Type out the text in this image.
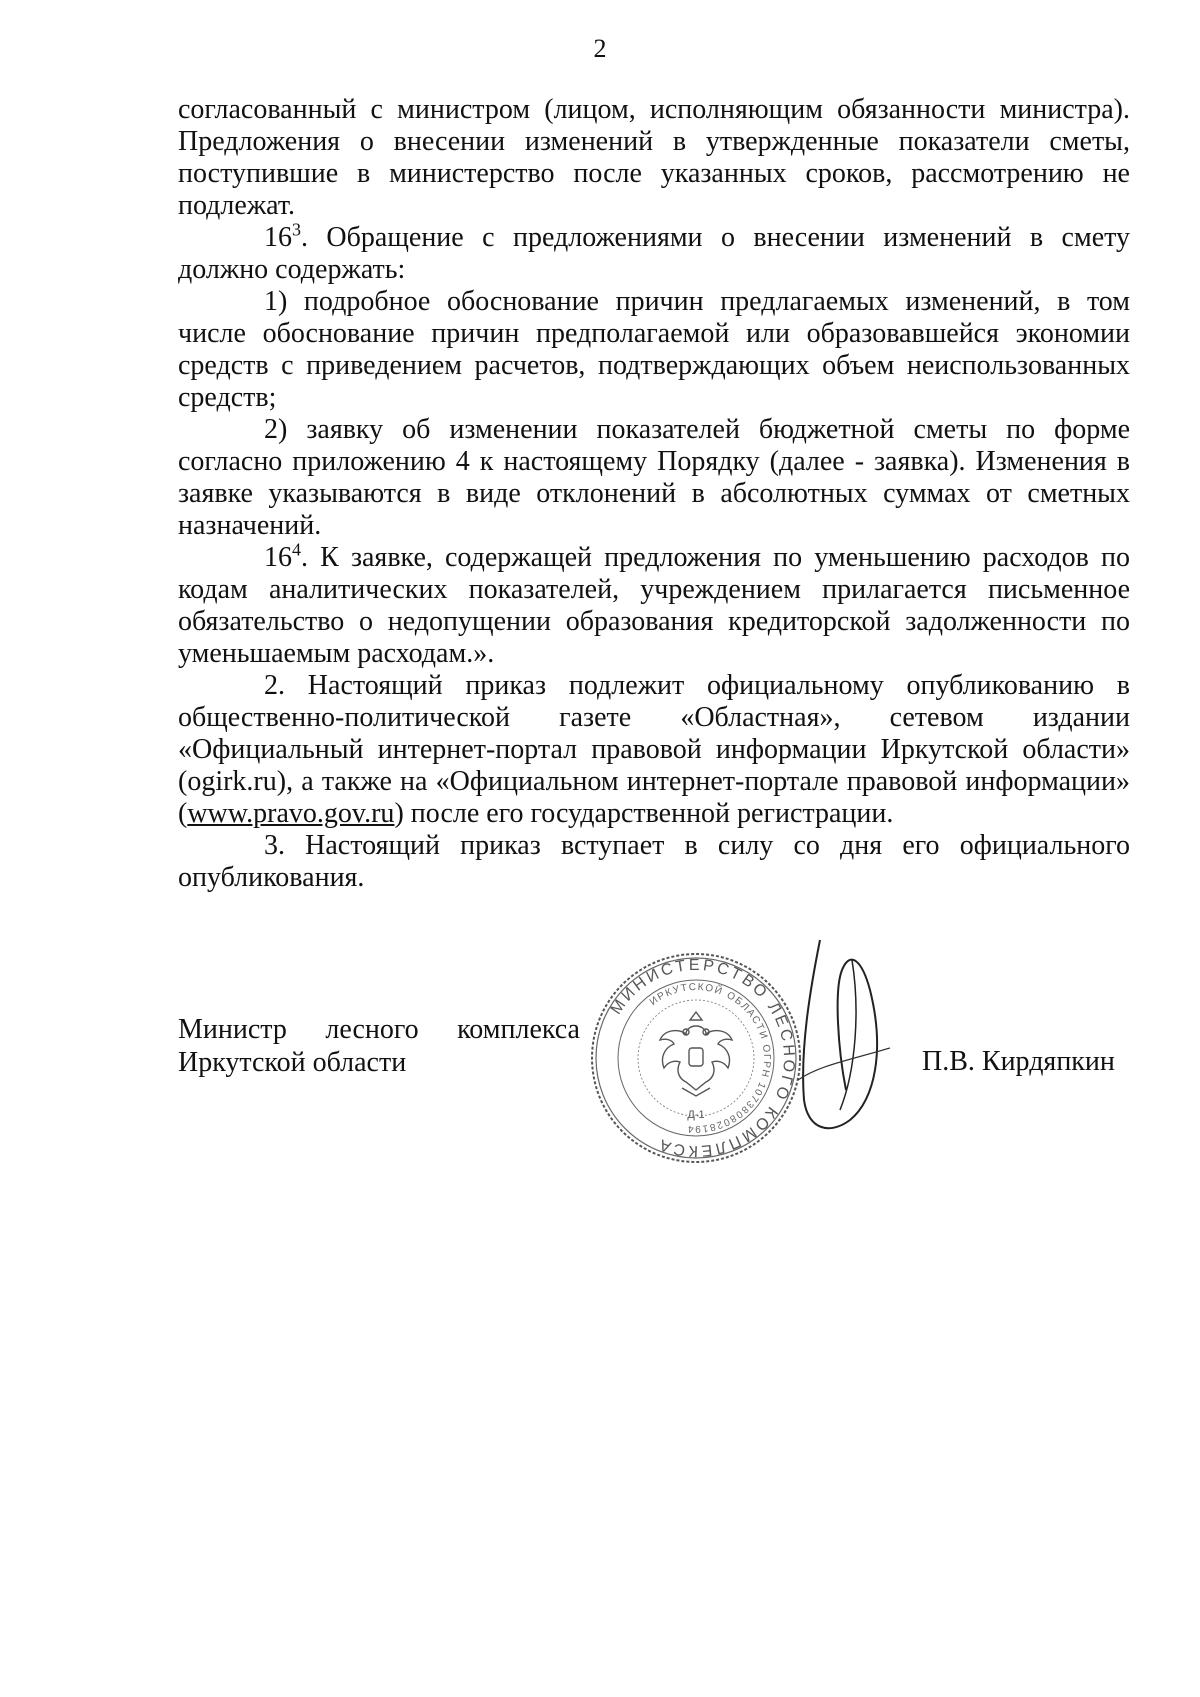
2

согласованный с министром (лицом, исполняющим обязанности министра). Предложения о внесении изменений в утвержденные показатели сметы, поступившие в министерство после указанных сроков, рассмотрению не подлежат.

$16^3$. Обращение с предложениями о внесении изменений в смету должно содержать:

1) подробное обоснование причин предлагаемых изменений, в том числе обоснование причин предполагаемой или образовавшейся экономии средств с приведением расчетов, подтверждающих объем неиспользованных средств;

2) заявку об изменении показателей бюджетной сметы по форме согласно приложению 4 к настоящему Порядку (далее - заявка). Изменения в заявке указываются в виде отклонений в абсолютных суммах от сметных назначений.

$16^4$. К заявке, содержащей предложения по уменьшению расходов по кодам аналитических показателей, учреждением прилагается письменное обязательство о недопущении образования кредиторской задолженности по уменьшаемым расходам.».

2. Настоящий приказ подлежит официальному опубликованию в общественно-политической газете «Областная», сетевом издании «Официальный интернет-портал правовой информации Иркутской области» (ogirk.ru), а также на «Официальном интернет-портале правовой информации» (www.pravo.gov.ru) после его государственной регистрации.

3. Настоящий приказ вступает в силу со дня его официального опубликования.

Министр лесного комплекса
Иркутской области	П.В. Кирдяпкин
МИНИСТЕРСТВО ЛЕСНОГО КОМПЛЕКСА
ИРКУТСКОЙ ОБЛАСТИ ОГРН 1073808028194
Д-1
